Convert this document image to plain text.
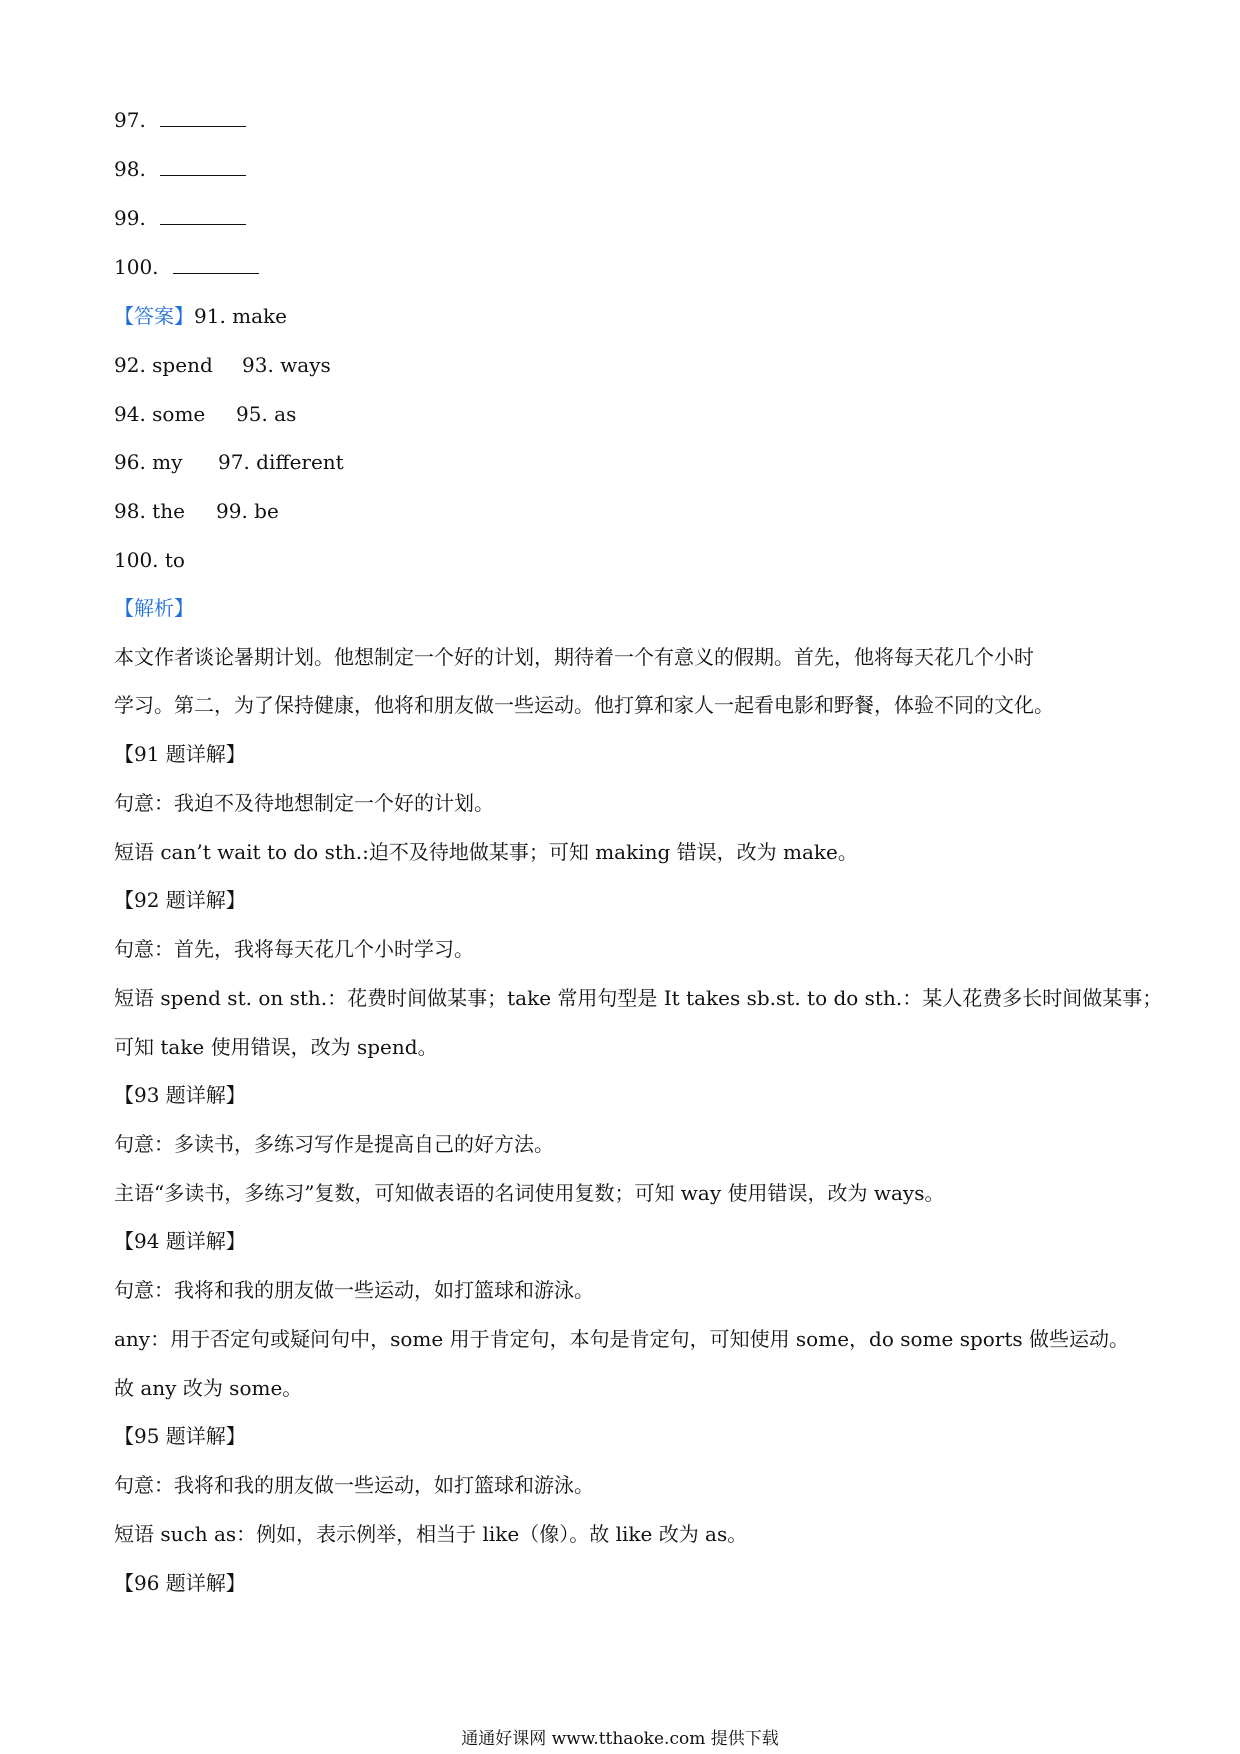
97.
98.
99.
100.
【答案】91. make
92. spend 93. ways
94. some 95. as
96. my 97. different
98. the 99. be
100. to
【解析】
本文作者谈论暑期计划。他想制定一个好的计划，期待着一个有意义的假期。首先，他将每天花几个小时
学习。第二，为了保持健康，他将和朋友做一些运动。他打算和家人一起看电影和野餐，体验不同的文化。
【91 题详解】
句意：我迫不及待地想制定一个好的计划。
短语 can’t wait to do sth.:迫不及待地做某事；可知 making 错误，改为 make。
【92 题详解】
句意：首先，我将每天花几个小时学习。
短语 spend st. on sth.：花费时间做某事；take 常用句型是 It takes sb.st. to do sth.：某人花费多长时间做某事；
可知 take 使用错误，改为 spend。
【93 题详解】
句意：多读书，多练习写作是提高自己的好方法。
主语“多读书，多练习”复数，可知做表语的名词使用复数；可知 way 使用错误，改为 ways。
【94 题详解】
句意：我将和我的朋友做一些运动，如打篮球和游泳。
any：用于否定句或疑问句中，some 用于肯定句，本句是肯定句，可知使用 some，do some sports 做些运动。
故 any 改为 some。
【95 题详解】
句意：我将和我的朋友做一些运动，如打篮球和游泳。
短语 such as：例如，表示例举，相当于 like（像）。故 like 改为 as。
【96 题详解】
通通好课网 www.tthaoke.com 提供下载
